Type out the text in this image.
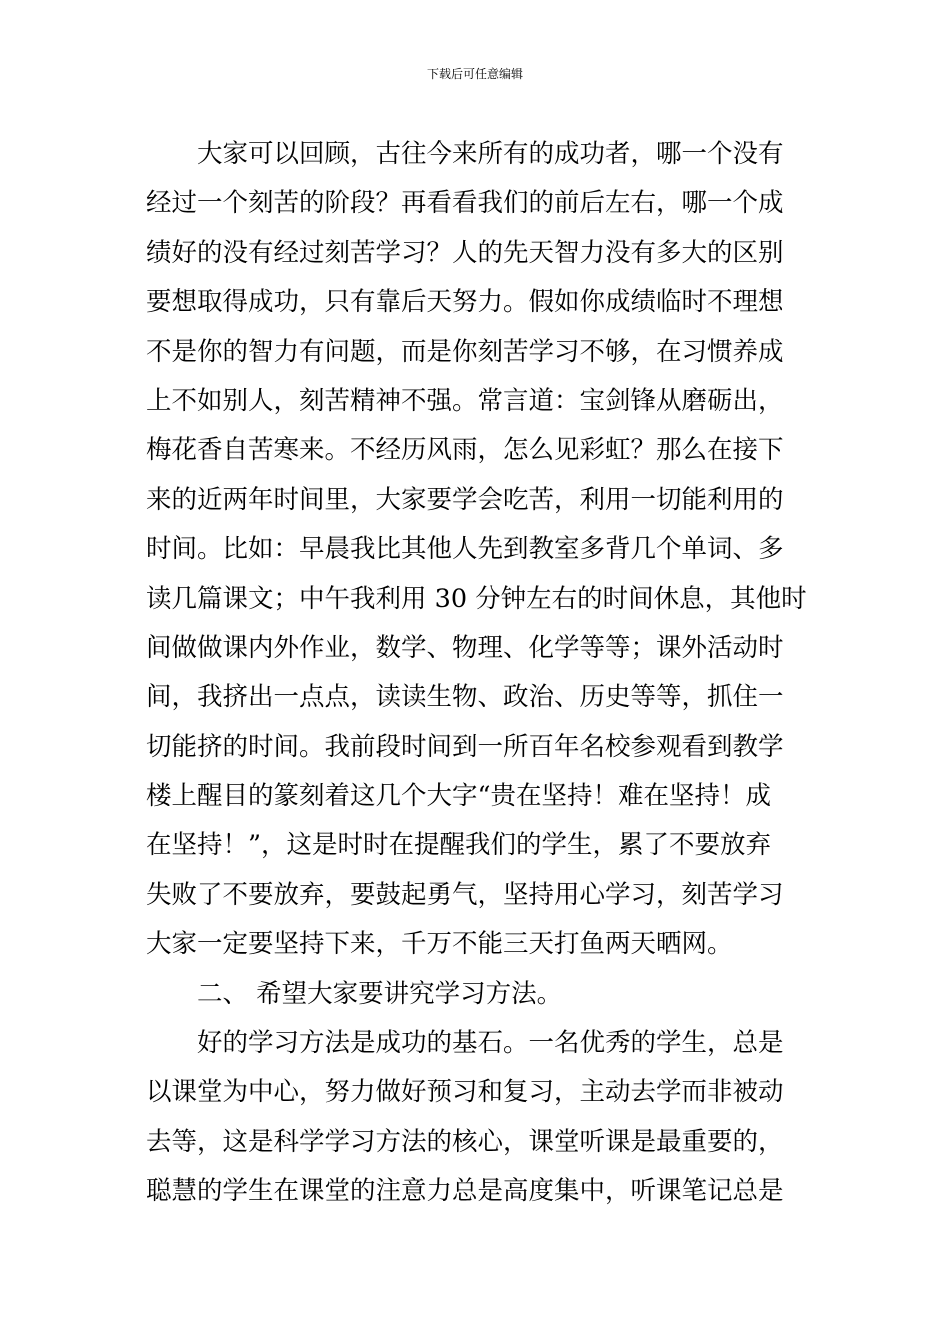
下载后可任意编辑
大家可以回顾，古往今来所有的成功者，哪一个没有
经过一个刻苦的阶段？再看看我们的前后左右，哪一个成
绩好的没有经过刻苦学习？人的先天智力没有多大的区别
要想取得成功，只有靠后天努力。假如你成绩临时不理想
不是你的智力有问题，而是你刻苦学习不够，在习惯养成
上不如别人，刻苦精神不强。常言道：宝剑锋从磨砺出，
梅花香自苦寒来。不经历风雨，怎么见彩虹？那么在接下
来的近两年时间里，大家要学会吃苦，利用一切能利用的
时间。比如：早晨我比其他人先到教室多背几个单词、多
读几篇课文；中午我利用 30 分钟左右的时间休息，其他时
间做做课内外作业，数学、物理、化学等等；课外活动时
间，我挤出一点点，读读生物、政治、历史等等，抓住一
切能挤的时间。我前段时间到一所百年名校参观看到教学
楼上醒目的篆刻着这几个大字“贵在坚持！难在坚持！成
在坚持！”，这是时时在提醒我们的学生，累了不要放弃
失败了不要放弃，要鼓起勇气，坚持用心学习，刻苦学习
大家一定要坚持下来，千万不能三天打鱼两天晒网。
二、 希望大家要讲究学习方法。
好的学习方法是成功的基石。一名优秀的学生，总是
以课堂为中心，努力做好预习和复习，主动去学而非被动
去等，这是科学学习方法的核心，课堂听课是最重要的，
聪慧的学生在课堂的注意力总是高度集中，听课笔记总是
